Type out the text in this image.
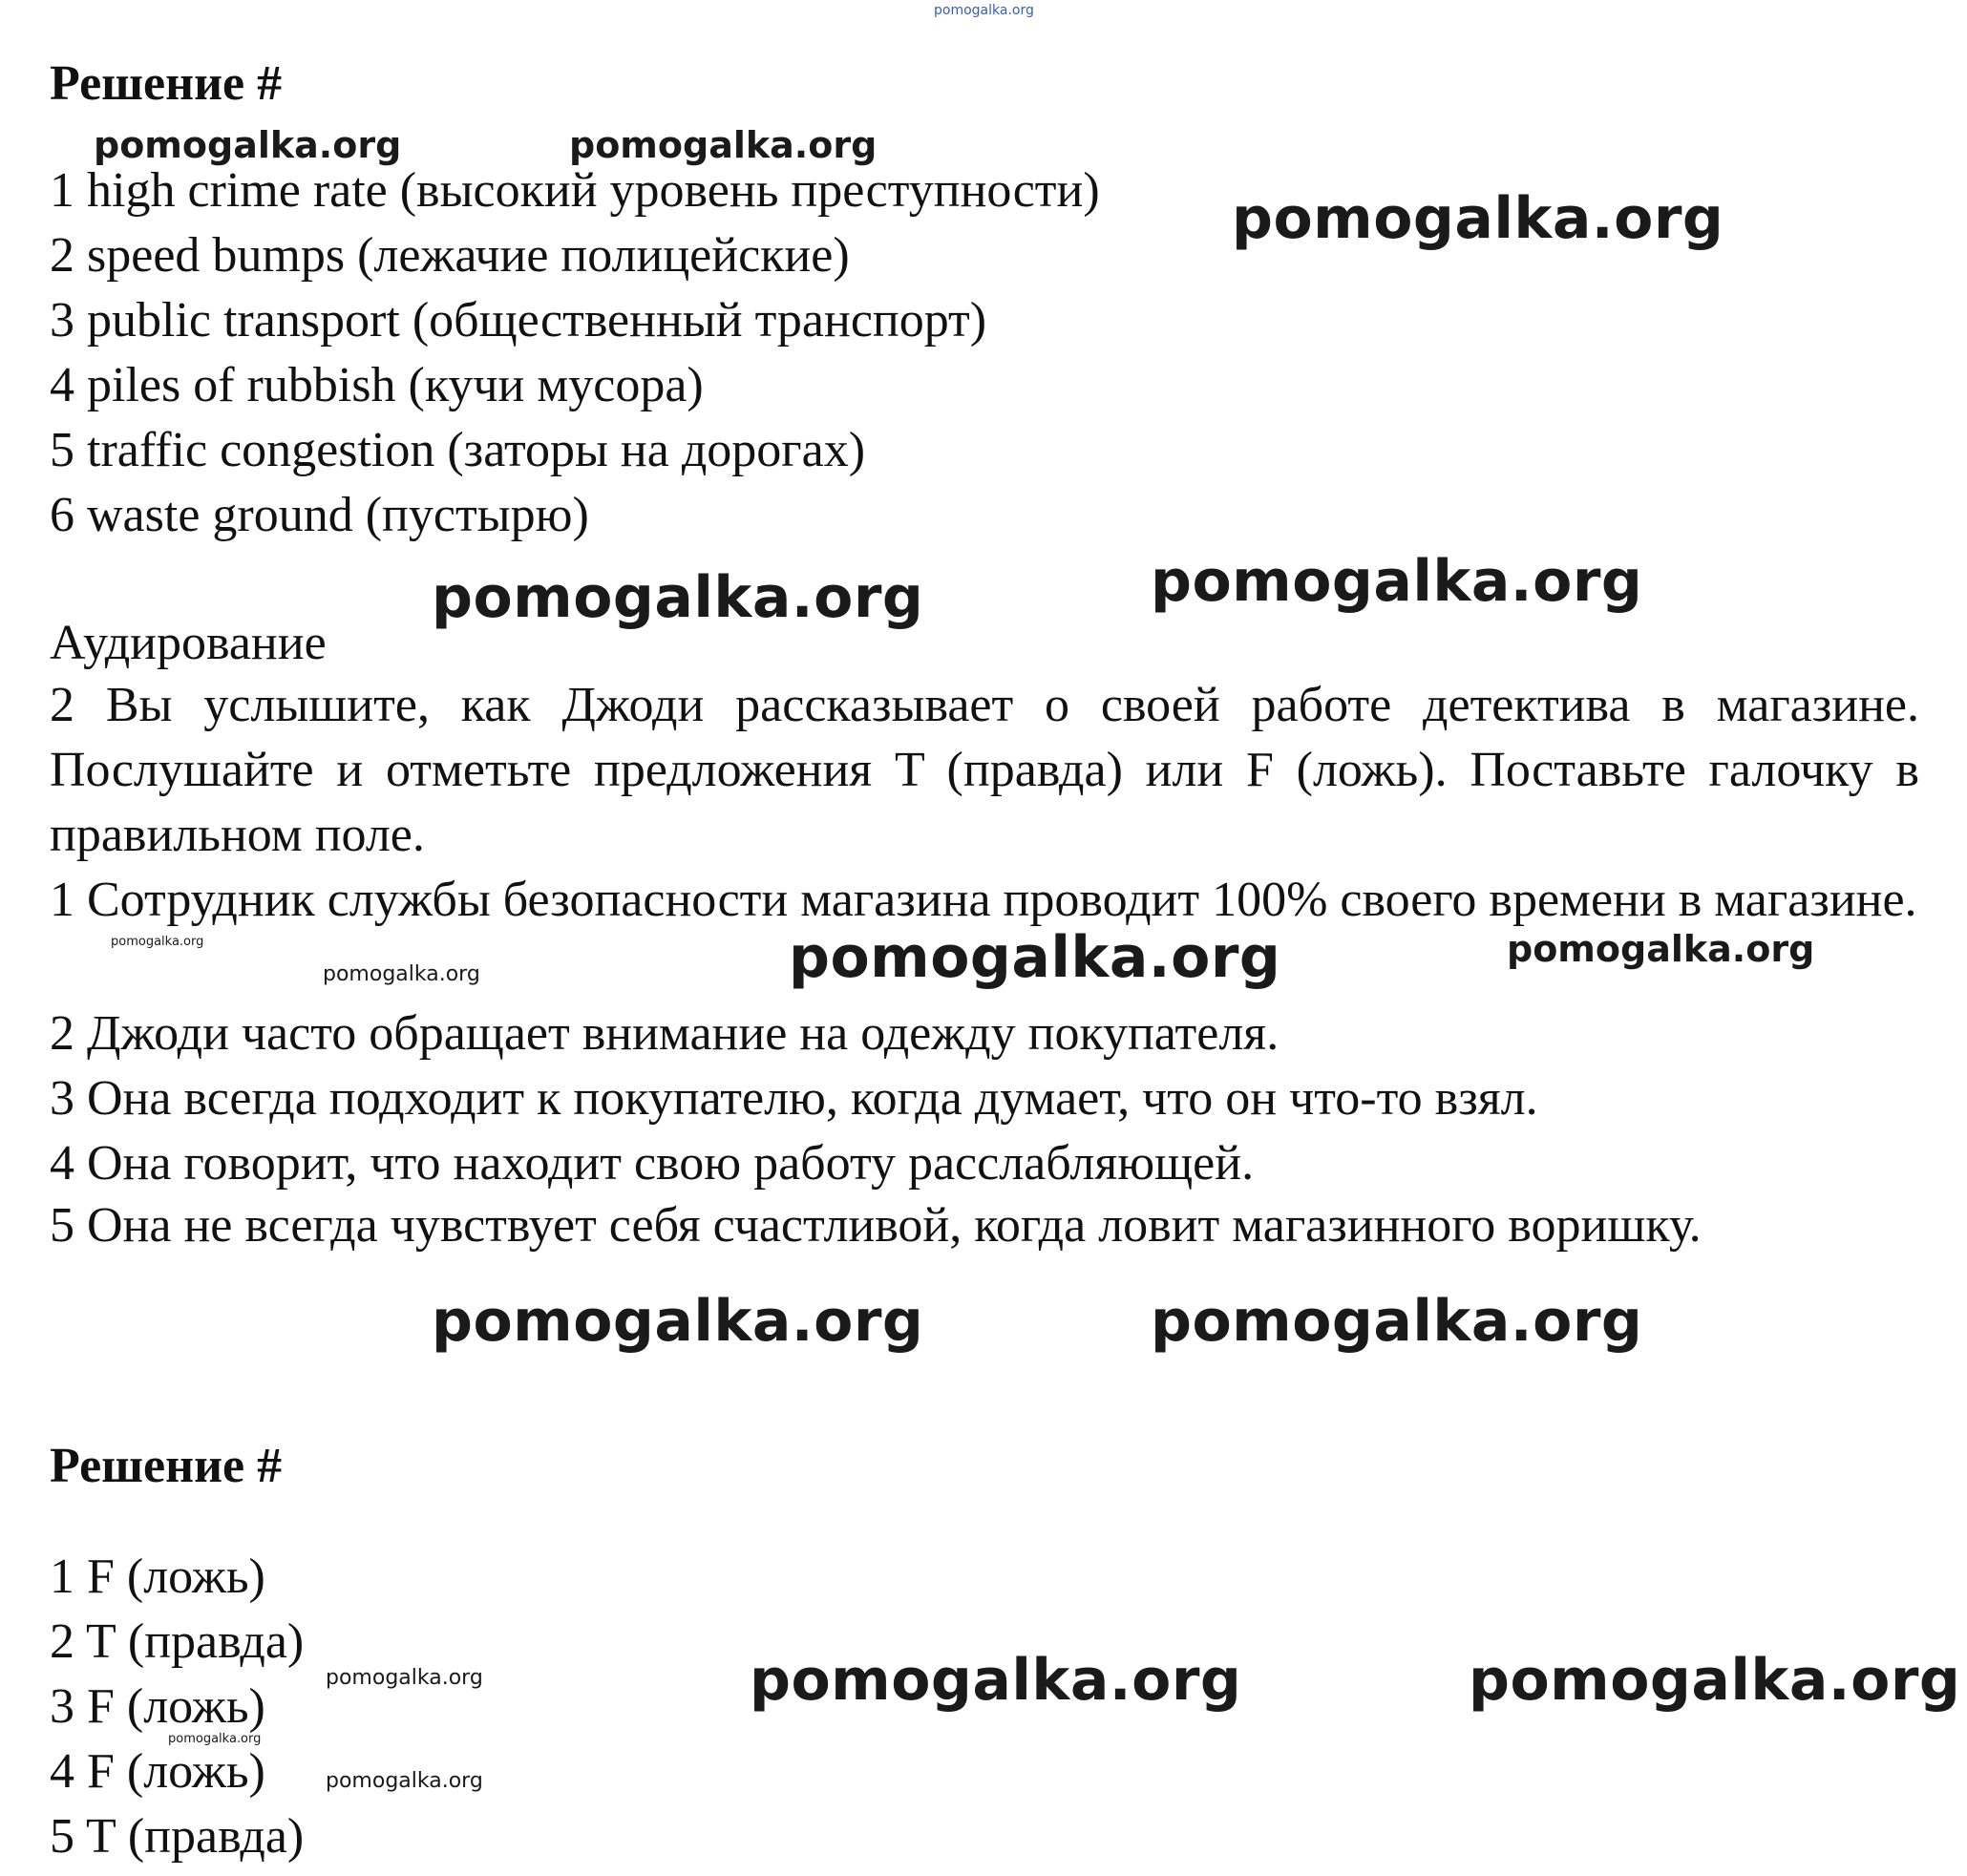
pomogalka.org
pomogalka.org	pomogalka.org
pomogalka.org
pomogalka.org	pomogalka.org
pomogalka.org
pomogalka.org	pomogalka.org	pomogalka.org
pomogalka.org	pomogalka.org
pomogalka.org	pomogalka.org	pomogalka.org
pomogalka.org
pomogalka.org
Решение #

1 high crime rate (высокий уровень преступности)

2 speed bumps (лежачие полицейские)

3 public transport (общественный транспорт)

4 piles of rubbish (кучи мусора)

5 traffic congestion (заторы на дорогах)

6 waste ground (пустырю)

Аудирование

2 Вы услышите, как Джоди рассказывает о своей работе детектива в магазине. Послушайте и отметьте предложения T (правда) или F (ложь). Поставьте галочку в правильном поле.

1 Сотрудник службы безопасности магазина проводит 100% своего времени в магазине.

2 Джоди часто обращает внимание на одежду покупателя.

3 Она всегда подходит к покупателю, когда думает, что он что-то взял.

4 Она говорит, что находит свою работу расслабляющей.

5 Она не всегда чувствует себя счастливой, когда ловит магазинного воришку.

Решение #

1 F (ложь)

2 T (правда)

3 F (ложь)

4 F (ложь)

5 T (правда)
